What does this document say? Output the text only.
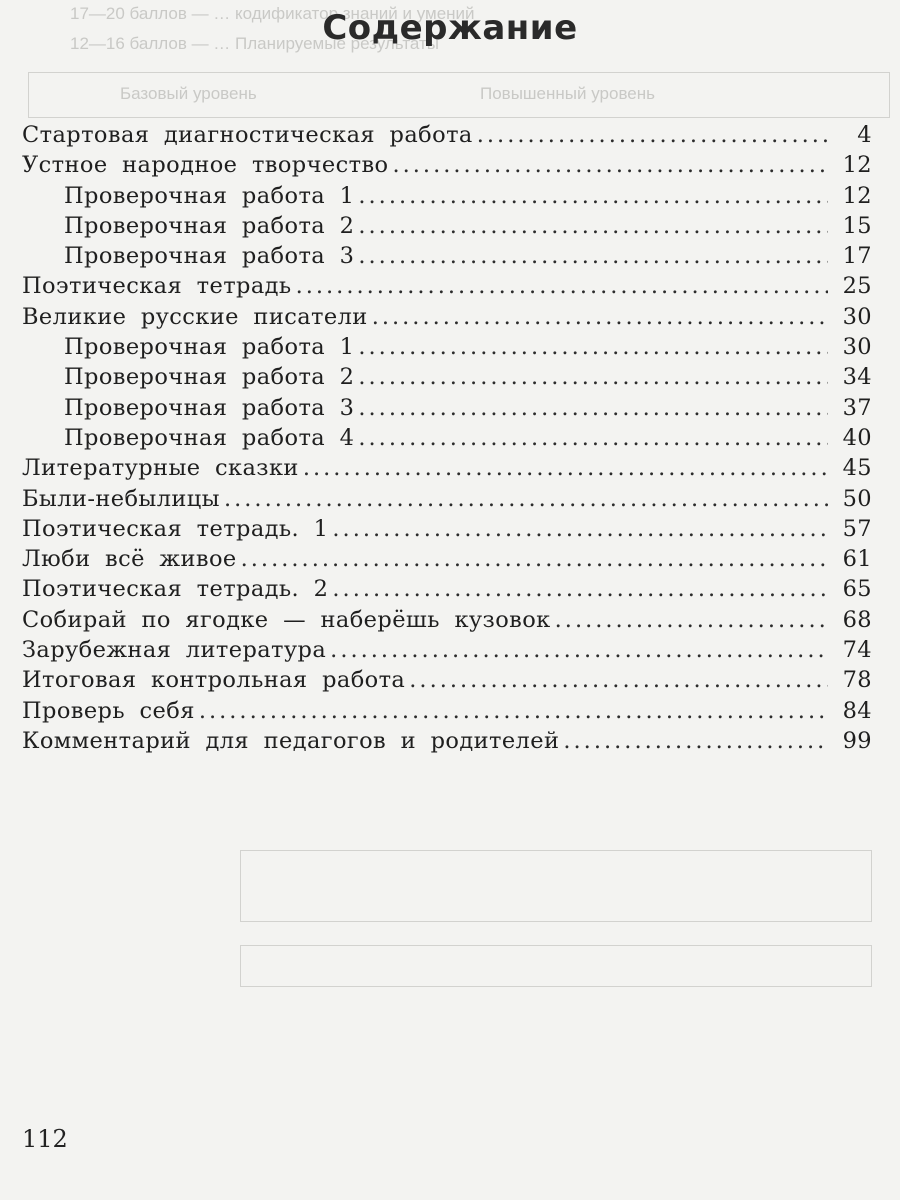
17—20 баллов — … кодификатор знаний и умений
12—16 баллов — … Планируемые результаты
Базовый уровень	Повышенный уровень
Содержание
Стартовая диагностическая работа .....	4
Устное народное творчество .....	12
Проверочная работа 1 .....	12
Проверочная работа 2 .....	15
Проверочная работа 3 .....	17
Поэтическая тетрадь .....	25
Великие русские писатели .....	30
Проверочная работа 1 .....	30
Проверочная работа 2 .....	34
Проверочная работа 3 .....	37
Проверочная работа 4 .....	40
Литературные сказки .....	45
Были-небылицы .....	50
Поэтическая тетрадь. 1 .....	57
Люби всё живое .....	61
Поэтическая тетрадь. 2 .....	65
Собирай по ягодке — наберёшь кузовок .....	68
Зарубежная литература .....	74
Итоговая контрольная работа .....	78
Проверь себя .....	84
Комментарий для педагогов и родителей .....	99
112
